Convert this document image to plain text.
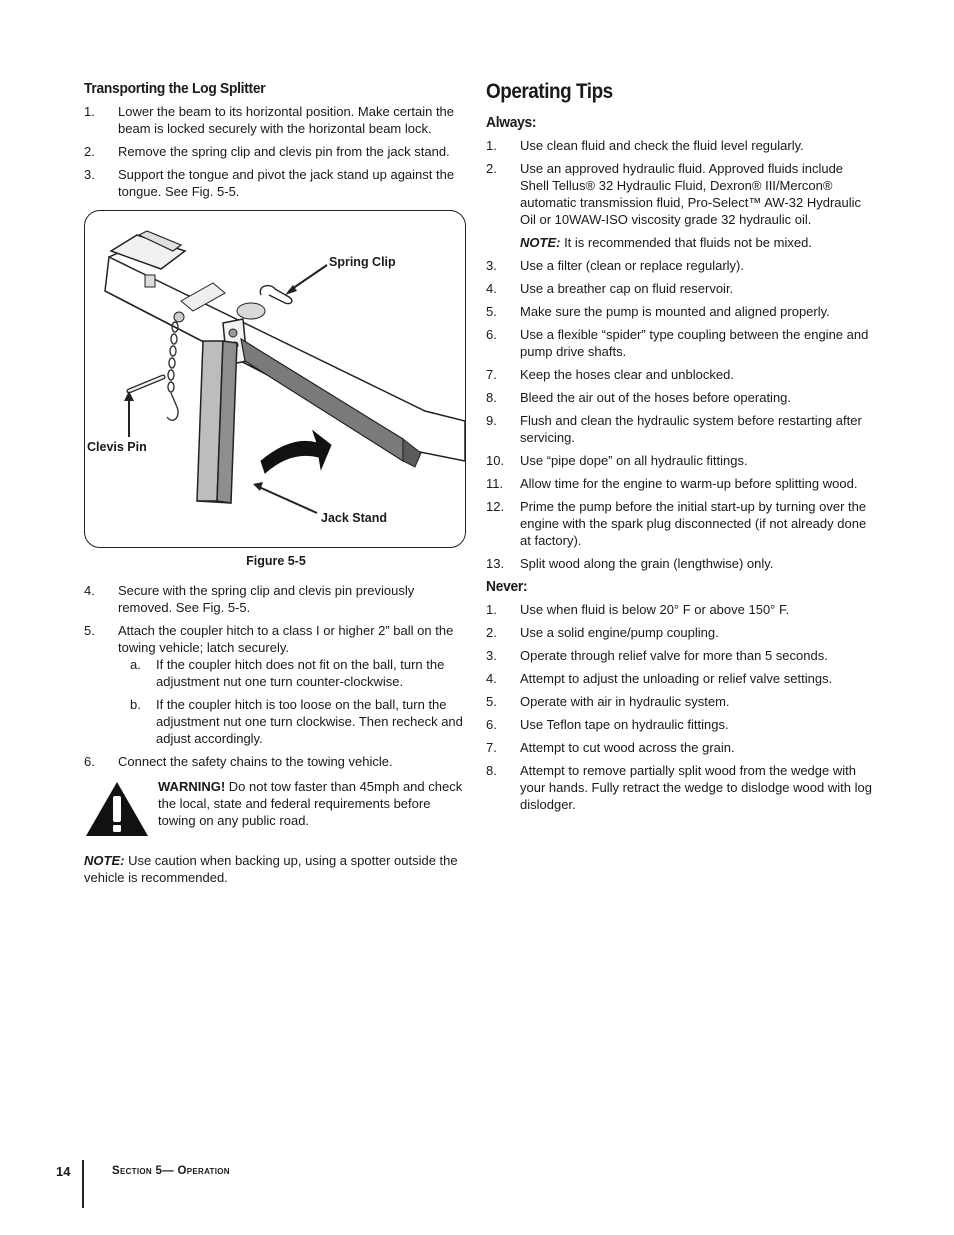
Transporting the Log Splitter
1. Lower the beam to its horizontal position. Make certain the beam is locked securely with the horizontal beam lock.
2. Remove the spring clip and clevis pin from the jack stand.
3. Support the tongue and pivot the jack stand up against the tongue. See Fig. 5-5.
Spring Clip
Clevis Pin
Jack Stand
Figure 5-5
4. Secure with the spring clip and clevis pin previously removed. See Fig. 5-5.
5. Attach the coupler hitch to a class I or higher 2” ball on the towing vehicle; latch securely.
a. If the coupler hitch does not fit on the ball, turn the adjustment nut one turn counter-clockwise.
b. If the coupler hitch is too loose on the ball, turn the adjustment nut one turn clockwise. Then recheck and adjust accordingly.
6. Connect the safety chains to the towing vehicle.
WARNING! Do not tow faster than 45mph and check the local, state and federal requirements before towing on any public road.
NOTE: Use caution when backing up, using a spotter outside the vehicle is recommended.
Operating Tips
Always:
1. Use clean fluid and check the fluid level regularly.
2. Use an approved hydraulic fluid. Approved fluids include Shell Tellus® 32 Hydraulic Fluid, Dexron® III/Mercon® automatic transmission fluid, Pro-Select™ AW-32 Hydraulic Oil or 10WAW-ISO viscosity grade 32 hydraulic oil.
NOTE: It is recommended that fluids not be mixed.
3. Use a filter (clean or replace regularly).
4. Use a breather cap on fluid reservoir.
5. Make sure the pump is mounted and aligned properly.
6. Use a flexible “spider” type coupling between the engine and pump drive shafts.
7. Keep the hoses clear and unblocked.
8. Bleed the air out of the hoses before operating.
9. Flush and clean the hydraulic system before restarting after servicing.
10. Use “pipe dope” on all hydraulic fittings.
11. Allow time for the engine to warm-up before splitting wood.
12. Prime the pump before the initial start-up by turning over the engine with the spark plug disconnected (if not already done at factory).
13. Split wood along the grain (lengthwise) only.
Never:
1. Use when fluid is below 20° F or above 150° F.
2. Use a solid engine/pump coupling.
3. Operate through relief valve for more than 5 seconds.
4. Attempt to adjust the unloading or relief valve settings.
5. Operate with air in hydraulic system.
6. Use Teflon tape on hydraulic fittings.
7. Attempt to cut wood across the grain.
8. Attempt to remove partially split wood from the wedge with your hands. Fully retract the wedge to dislodge wood with log dislodger.
14	Section 5— Operation
